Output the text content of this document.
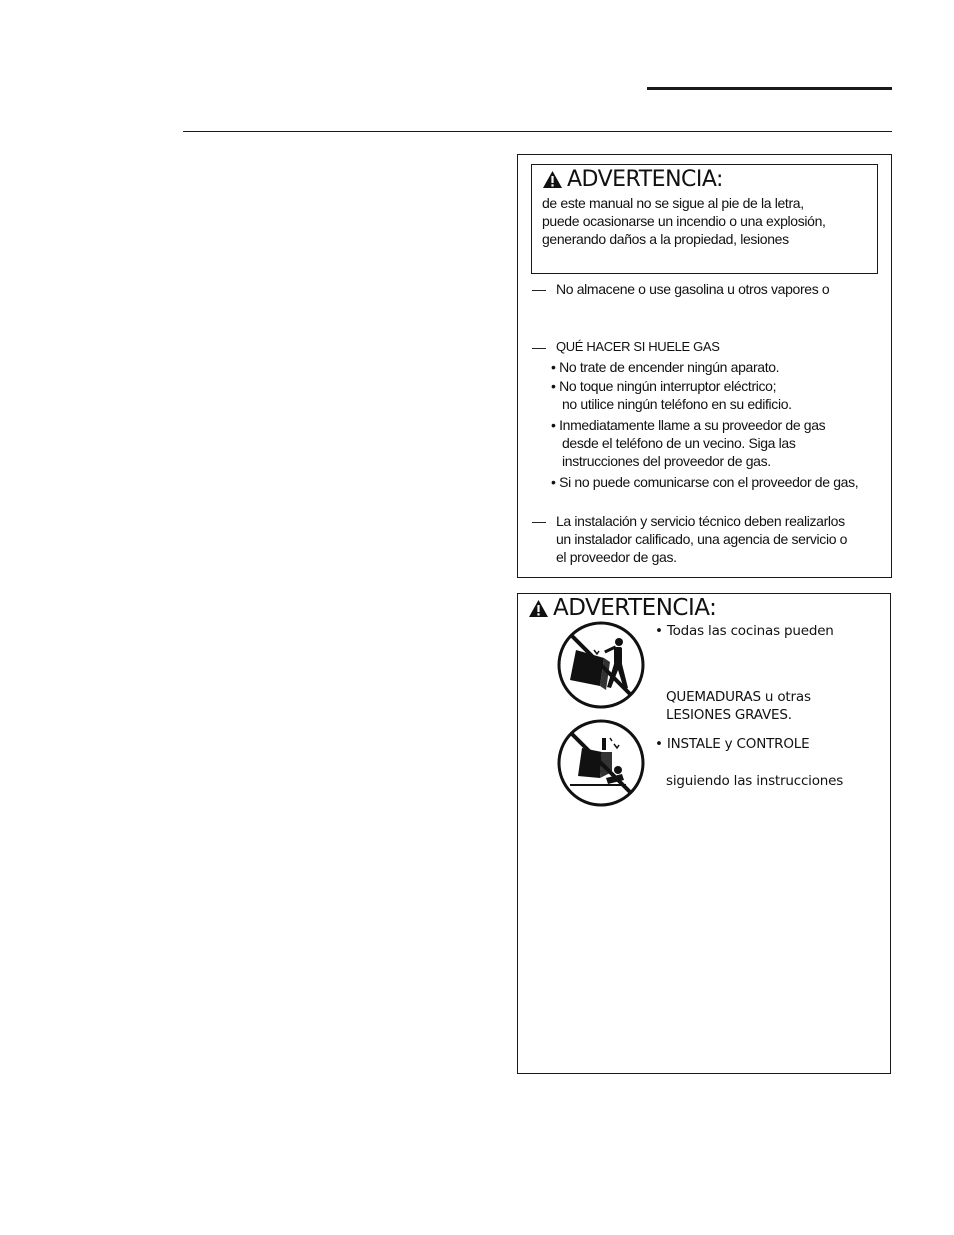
ADVERTENCIA:
de este manual no se sigue al pie de la letra,
puede ocasionarse un incendio o una explosión,
generando daños a la propiedad, lesiones
— No almacene o use gasolina u otros vapores o
— QUÉ HACER SI HUELE GAS
• No trate de encender ningún aparato.
• No toque ningún interruptor eléctrico;
no utilice ningún teléfono en su edificio.
• Inmediatamente llame a su proveedor de gas
desde el teléfono de un vecino. Siga las
instrucciones del proveedor de gas.
• Si no puede comunicarse con el proveedor de gas,
— La instalación y servicio técnico deben realizarlos
un instalador calificado, una agencia de servicio o
el proveedor de gas.
ADVERTENCIA:
• Todas las cocinas pueden
QUEMADURAS u otras
LESIONES GRAVES.
• INSTALE y CONTROLE
siguiendo las instrucciones
